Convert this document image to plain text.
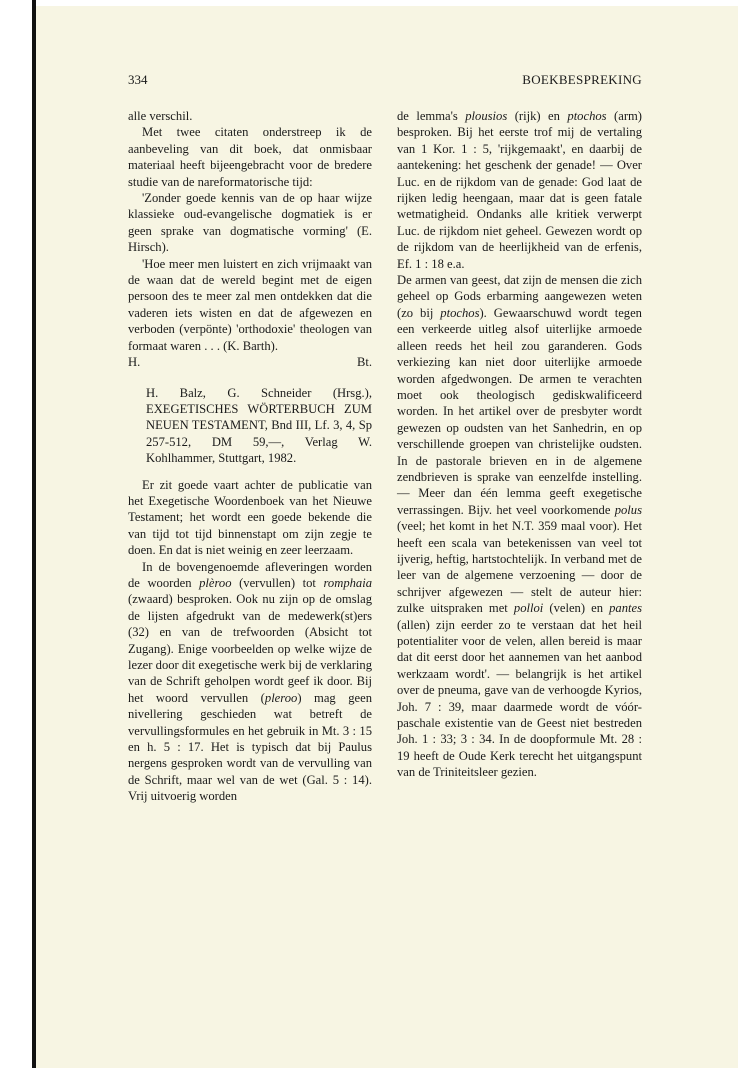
334	BOEKBESPREKING

alle verschil.

Met twee citaten onderstreep ik de aanbeveling van dit boek, dat onmisbaar materiaal heeft bijeengebracht voor de bredere studie van de nareformatorische tijd:

'Zonder goede kennis van de op haar wijze klassieke oud-evangelische dogmatiek is er geen sprake van dogmatische vorming' (E. Hirsch).

'Hoe meer men luistert en zich vrijmaakt van de waan dat de wereld begint met de eigen persoon des te meer zal men ontdekken dat die vaderen iets wisten en dat de afgewezen en verboden (verpönte) 'orthodoxie' theologen van formaat waren . . . (K. Barth).

H.	Bt.

H. Balz, G. Schneider (Hrsg.), EXEGETISCHES WÖRTERBUCH ZUM NEUEN TESTAMENT, Bnd III, Lf. 3, 4, Sp 257-512, DM 59,—, Verlag W. Kohlhammer, Stuttgart, 1982.

Er zit goede vaart achter de publicatie van het Exegetische Woordenboek van het Nieuwe Testament; het wordt een goede bekende die van tijd tot tijd binnenstapt om zijn zegje te doen. En dat is niet weinig en zeer leerzaam.

In de bovengenoemde afleveringen worden de woorden plèroo (vervullen) tot romphaia (zwaard) besproken. Ook nu zijn op de omslag de lijsten afgedrukt van de medewerk(st)ers (32) en van de trefwoorden (Absicht tot Zugang). Enige voorbeelden op welke wijze de lezer door dit exegetische werk bij de verklaring van de Schrift geholpen wordt geef ik door. Bij het woord vervullen (pleroo) mag geen nivellering geschieden wat betreft de vervullingsformules en het gebruik in Mt. 3 : 15 en h. 5 : 17. Het is typisch dat bij Paulus nergens gesproken wordt van de vervulling van de Schrift, maar wel van de wet (Gal. 5 : 14). Vrij uitvoerig worden

de lemma's plousios (rijk) en ptochos (arm) besproken. Bij het eerste trof mij de vertaling van 1 Kor. 1 : 5, 'rijkgemaakt', en daarbij de aantekening: het geschenk der genade! — Over Luc. en de rijkdom van de genade: God laat de rijken ledig heengaan, maar dat is geen fatale wetmatigheid. Ondanks alle kritiek verwerpt Luc. de rijkdom niet geheel. Gewezen wordt op de rijkdom van de heerlijkheid van de erfenis, Ef. 1 : 18 e.a.

De armen van geest, dat zijn de mensen die zich geheel op Gods erbarming aangewezen weten (zo bij ptochos). Gewaarschuwd wordt tegen een verkeerde uitleg alsof uiterlijke armoede alleen reeds het heil zou garanderen. Gods verkiezing kan niet door uiterlijke armoede worden afgedwongen. De armen te verachten moet ook theologisch gediskwalificeerd worden. In het artikel over de presbyter wordt gewezen op oudsten van het Sanhedrin, en op verschillende groepen van christelijke oudsten. In de pastorale brieven en in de algemene zendbrieven is sprake van eenzelfde instelling. — Meer dan één lemma geeft exegetische verrassingen. Bijv. het veel voorkomende polus (veel; het komt in het N.T. 359 maal voor). Het heeft een scala van betekenissen van veel tot ijverig, heftig, hartstochtelijk. In verband met de leer van de algemene verzoening — door de schrijver afgewezen — stelt de auteur hier: zulke uitspraken met polloi (velen) en pantes (allen) zijn eerder zo te verstaan dat het heil potentialiter voor de velen, allen bereid is maar dat dit eerst door het aannemen van het aanbod werkzaam wordt'. — belangrijk is het artikel over de pneuma, gave van de verhoogde Kyrios, Joh. 7 : 39, maar daarmede wordt de vóór-paschale existentie van de Geest niet bestreden Joh. 1 : 33; 3 : 34. In de doopformule Mt. 28 : 19 heeft de Oude Kerk terecht het uitgangspunt van de Triniteitsleer gezien.
